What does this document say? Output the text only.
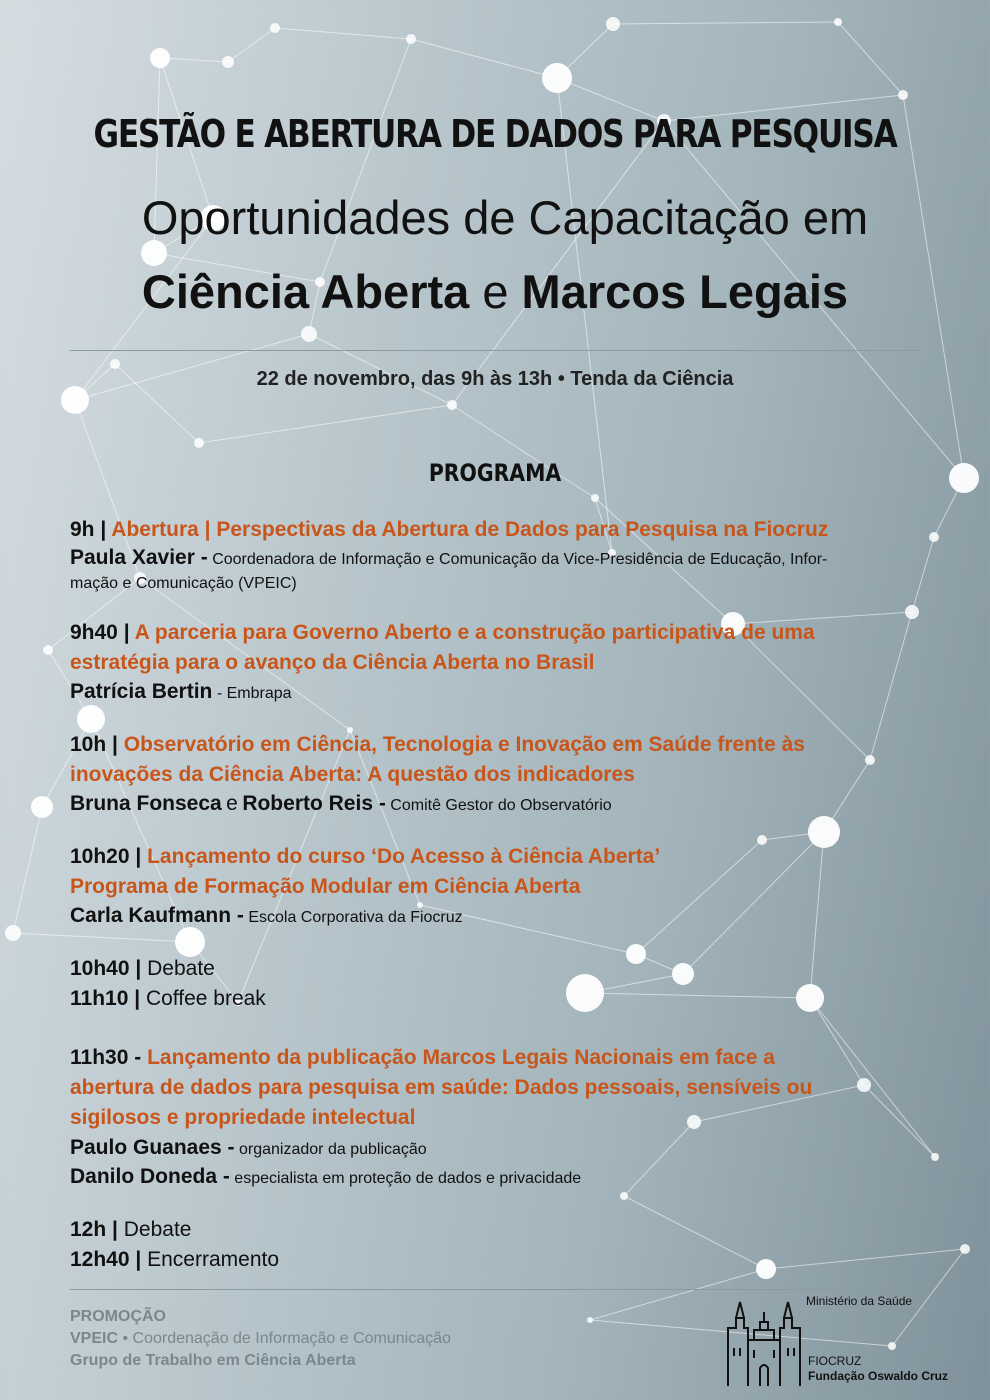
GESTÃO E ABERTURA DE DADOS PARA PESQUISA
Oportunidades de Capacitação em
Ciência Aberta e Marcos Legais
22 de novembro, das 9h às 13h • Tenda da Ciência
PROGRAMA
9h | Abertura | Perspectivas da Abertura de Dados para Pesquisa na Fiocruz
Paula Xavier - Coordenadora de Informação e Comunicação da Vice-Presidência de Educação, Infor-
mação e Comunicação (VPEIC)
9h40 | A parceria para Governo Aberto e a construção participativa de uma
estratégia para o avanço da Ciência Aberta no Brasil
Patrícia Bertin - Embrapa
10h | Observatório em Ciência, Tecnologia e Inovação em Saúde frente às
inovações da Ciência Aberta: A questão dos indicadores
Bruna Fonseca e Roberto Reis - Comitê Gestor do Observatório
10h20 | Lançamento do curso ‘Do Acesso à Ciência Aberta’
Programa de Formação Modular em Ciência Aberta
Carla Kaufmann - Escola Corporativa da Fiocruz
10h40 | Debate
11h10 | Coffee break
11h30 - Lançamento da publicação Marcos Legais Nacionais em face a
abertura de dados para pesquisa em saúde: Dados pessoais, sensíveis ou
sigilosos e propriedade intelectual
Paulo Guanaes - organizador da publicação
Danilo Doneda - especialista em proteção de dados e privacidade
12h | Debate
12h40 | Encerramento
PROMOÇÃO
VPEIC • Coordenação de Informação e Comunicação
Grupo de Trabalho em Ciência Aberta
Ministério da Saúde
FIOCRUZ
Fundação Oswaldo Cruz
